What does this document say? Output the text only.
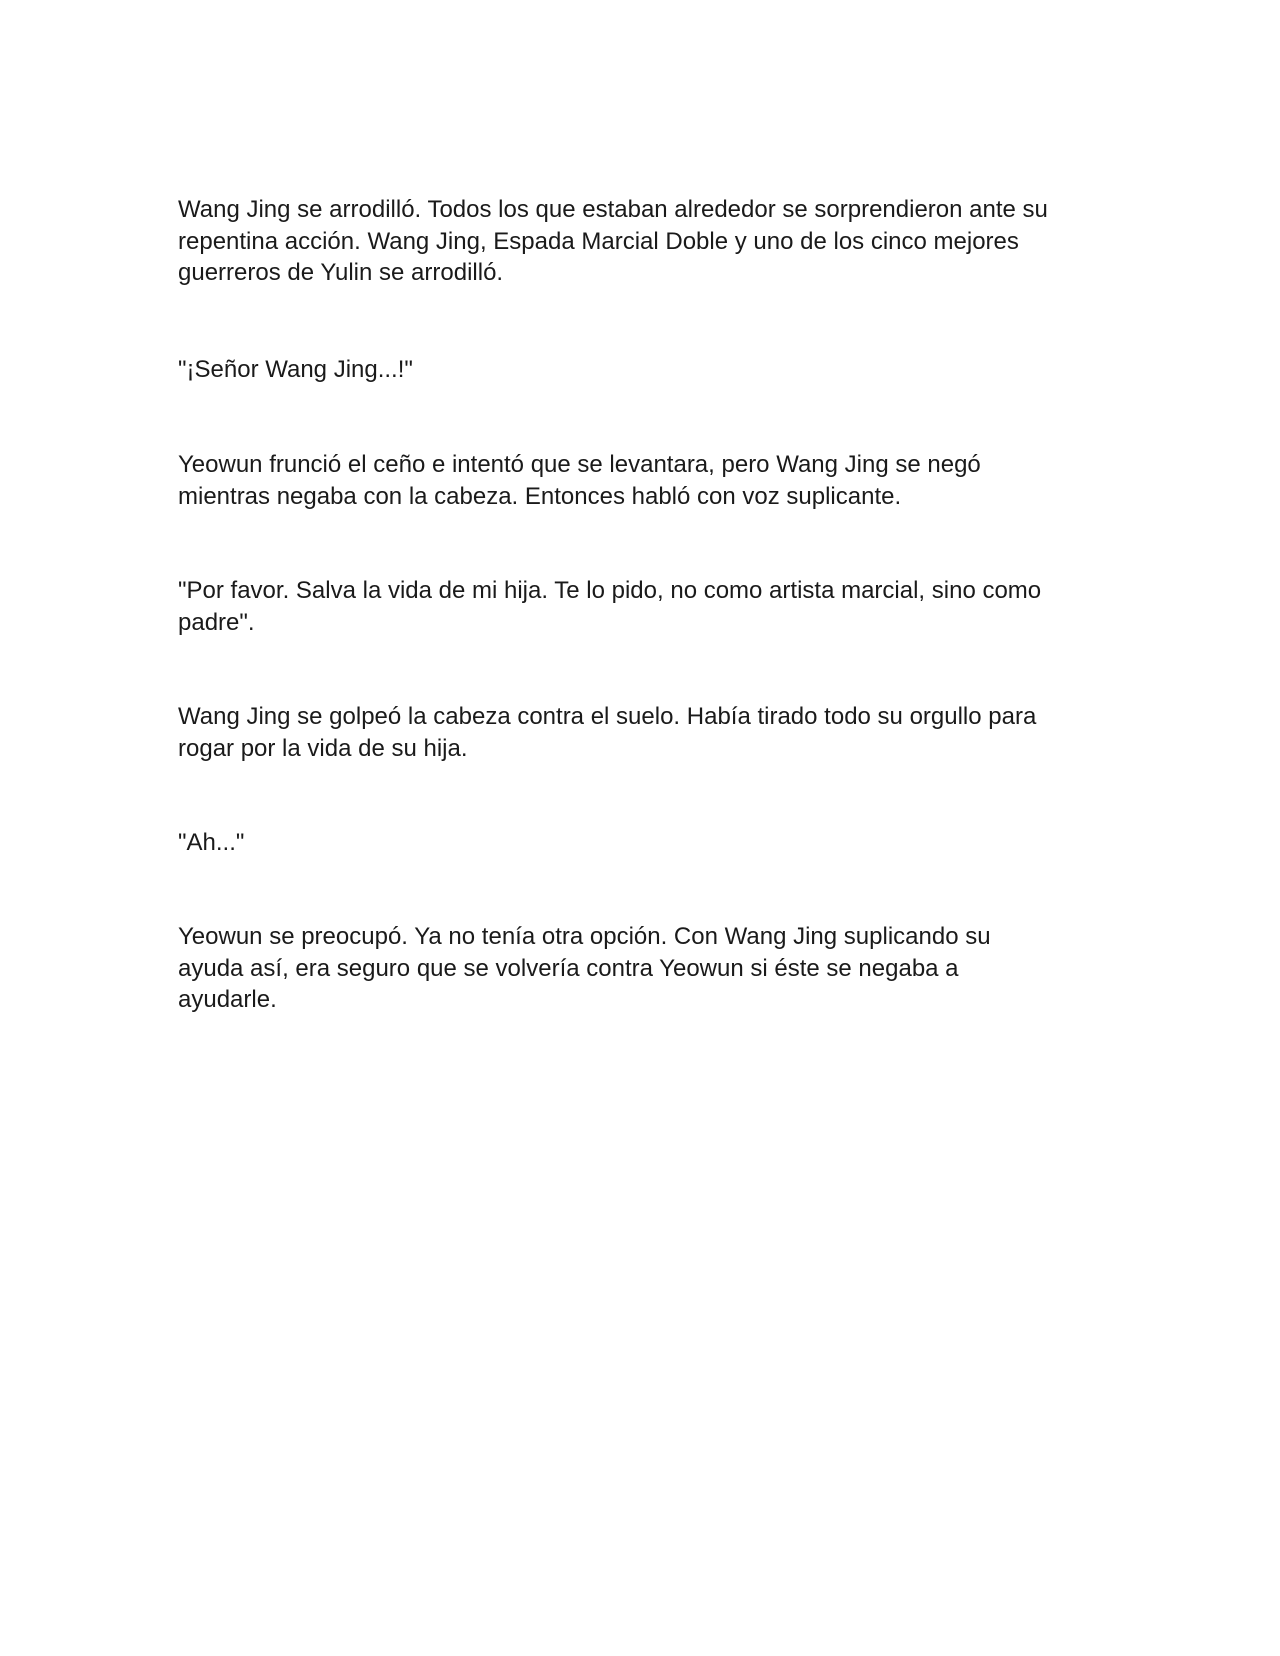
Wang Jing se arrodilló. Todos los que estaban alrededor se sorprendieron ante su
repentina acción. Wang Jing, Espada Marcial Doble y uno de los cinco mejores
guerreros de Yulin se arrodilló.

"¡Señor Wang Jing...!"

Yeowun frunció el ceño e intentó que se levantara, pero Wang Jing se negó
mientras negaba con la cabeza. Entonces habló con voz suplicante.

"Por favor. Salva la vida de mi hija. Te lo pido, no como artista marcial, sino como
padre".

Wang Jing se golpeó la cabeza contra el suelo. Había tirado todo su orgullo para
rogar por la vida de su hija.

"Ah..."

Yeowun se preocupó. Ya no tenía otra opción. Con Wang Jing suplicando su
ayuda así, era seguro que se volvería contra Yeowun si éste se negaba a
ayudarle.
